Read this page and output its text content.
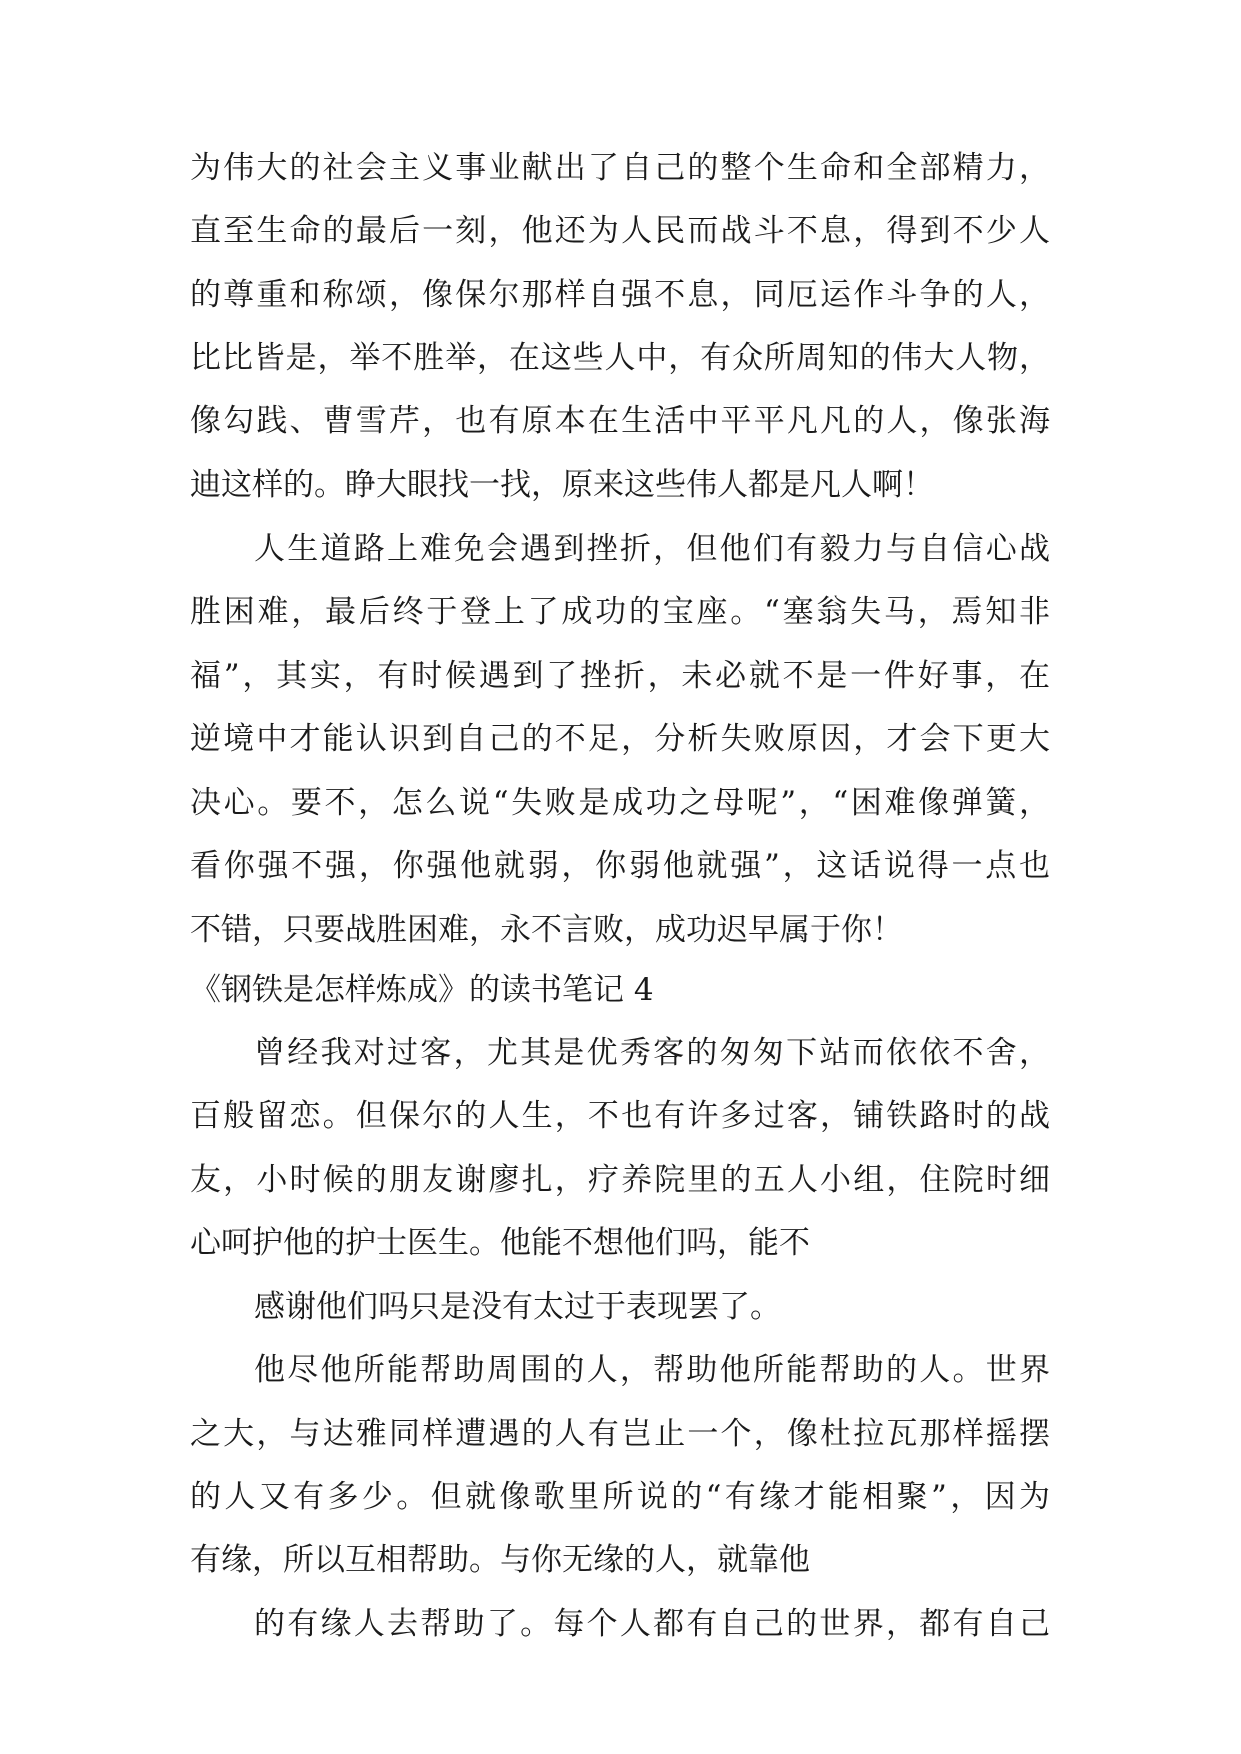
为伟大的社会主义事业献出了自己的整个生命和全部精力，
直至生命的最后一刻，他还为人民而战斗不息，得到不少人
的尊重和称颂，像保尔那样自强不息，同厄运作斗争的人，
比比皆是，举不胜举，在这些人中，有众所周知的伟大人物，
像勾践、曹雪芹，也有原本在生活中平平凡凡的人，像张海
迪这样的。睁大眼找一找，原来这些伟人都是凡人啊！
人生道路上难免会遇到挫折，但他们有毅力与自信心战
胜困难，最后终于登上了成功的宝座。“塞翁失马，焉知非
福”，其实，有时候遇到了挫折，未必就不是一件好事，在
逆境中才能认识到自己的不足，分析失败原因，才会下更大
决心。要不，怎么说“失败是成功之母呢”，“困难像弹簧，
看你强不强，你强他就弱，你弱他就强”，这话说得一点也
不错，只要战胜困难，永不言败，成功迟早属于你！
《钢铁是怎样炼成》的读书笔记 4
曾经我对过客，尤其是优秀客的匆匆下站而依依不舍，
百般留恋。但保尔的人生，不也有许多过客，铺铁路时的战
友，小时候的朋友谢廖扎，疗养院里的五人小组，住院时细
心呵护他的护士医生。他能不想他们吗，能不
感谢他们吗只是没有太过于表现罢了。
他尽他所能帮助周围的人，帮助他所能帮助的人。世界
之大，与达雅同样遭遇的人有岂止一个，像杜拉瓦那样摇摆
的人又有多少。但就像歌里所说的“有缘才能相聚”，因为
有缘，所以互相帮助。与你无缘的人，就靠他
的有缘人去帮助了。每个人都有自己的世界，都有自己
